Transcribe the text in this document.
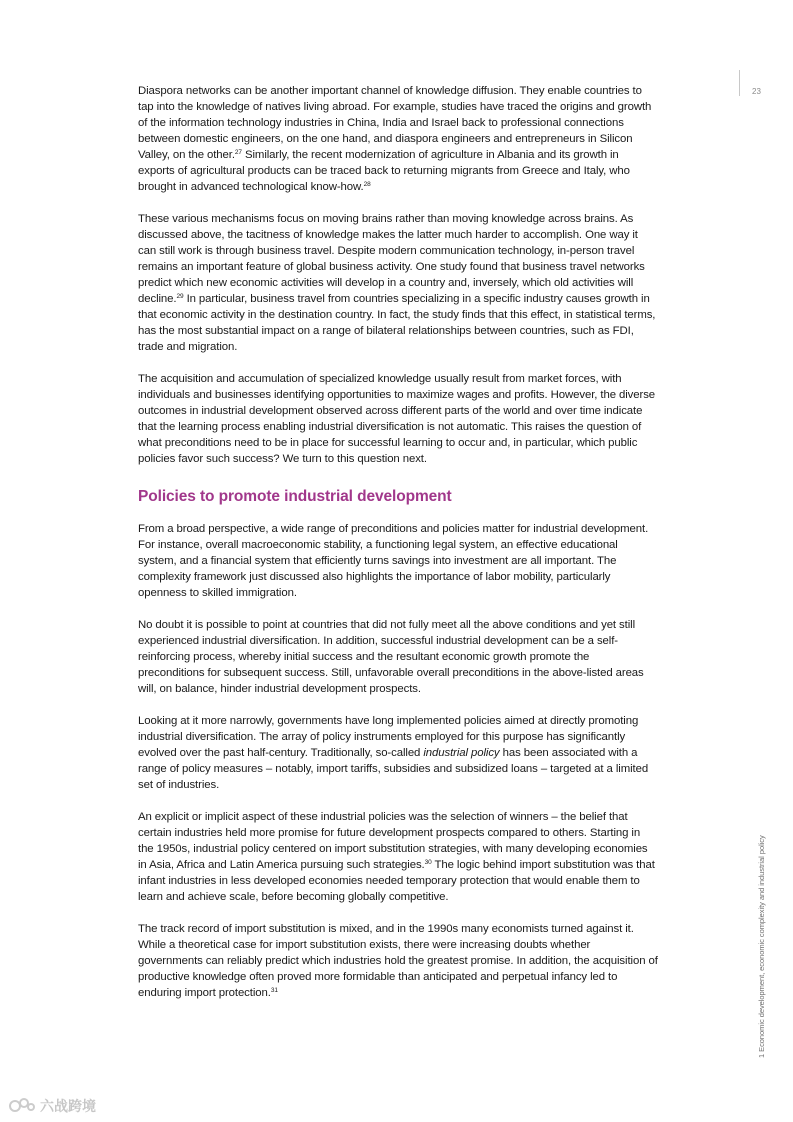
23

Diaspora networks can be another important channel of knowledge diffusion. They enable countries to tap into the knowledge of natives living abroad. For example, studies have traced the origins and growth of the information technology industries in China, India and Israel back to professional connections between domestic engineers, on the one hand, and diaspora engineers and entrepreneurs in Silicon Valley, on the other.$^{27}$ Similarly, the recent modernization of agriculture in Albania and its growth in exports of agricultural products can be traced back to returning migrants from Greece and Italy, who brought in advanced technological know-how.$^{28}$

These various mechanisms focus on moving brains rather than moving knowledge across brains. As discussed above, the tacitness of knowledge makes the latter much harder to accomplish. One way it can still work is through business travel. Despite modern communication technology, in-person travel remains an important feature of global business activity. One study found that business travel networks predict which new economic activities will develop in a country and, inversely, which old activities will decline.$^{29}$ In particular, business travel from countries specializing in a specific industry causes growth in that economic activity in the destination country. In fact, the study finds that this effect, in statistical terms, has the most substantial impact on a range of bilateral relationships between countries, such as FDI, trade and migration.

The acquisition and accumulation of specialized knowledge usually result from market forces, with individuals and businesses identifying opportunities to maximize wages and profits. However, the diverse outcomes in industrial development observed across different parts of the world and over time indicate that the learning process enabling industrial diversification is not automatic. This raises the question of what preconditions need to be in place for successful learning to occur and, in particular, which public policies favor such success? We turn to this question next.

Policies to promote industrial development

From a broad perspective, a wide range of preconditions and policies matter for industrial development. For instance, overall macroeconomic stability, a functioning legal system, an effective educational system, and a financial system that efficiently turns savings into investment are all important. The complexity framework just discussed also highlights the importance of labor mobility, particularly openness to skilled immigration.

No doubt it is possible to point at countries that did not fully meet all the above conditions and yet still experienced industrial diversification. In addition, successful industrial development can be a self-reinforcing process, whereby initial success and the resultant economic growth promote the preconditions for subsequent success. Still, unfavorable overall preconditions in the above-listed areas will, on balance, hinder industrial development prospects.

Looking at it more narrowly, governments have long implemented policies aimed at directly promoting industrial diversification. The array of policy instruments employed for this purpose has significantly evolved over the past half-century. Traditionally, so-called industrial policy has been associated with a range of policy measures – notably, import tariffs, subsidies and subsidized loans – targeted at a limited set of industries.

An explicit or implicit aspect of these industrial policies was the selection of winners – the belief that certain industries held more promise for future development prospects compared to others. Starting in the 1950s, industrial policy centered on import substitution strategies, with many developing economies in Asia, Africa and Latin America pursuing such strategies.$^{30}$ The logic behind import substitution was that infant industries in less developed economies needed temporary protection that would enable them to learn and achieve scale, before becoming globally competitive.

The track record of import substitution is mixed, and in the 1990s many economists turned against it. While a theoretical case for import substitution exists, there were increasing doubts whether governments can reliably predict which industries hold the greatest promise. In addition, the acquisition of productive knowledge often proved more formidable than anticipated and perpetual infancy led to enduring import protection.$^{31}$	1 Economic development, economic complexity and industrial policy
六战跨境
